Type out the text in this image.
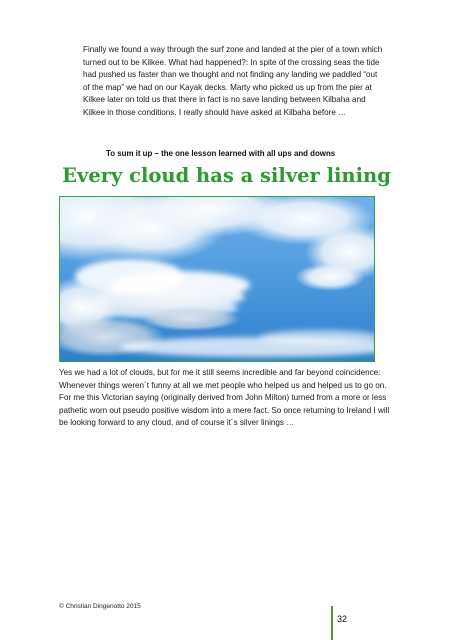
Finally we found a way through the surf zone and landed at the pier of a town which turned out to be Kilkee. What had happened?: In spite of the crossing seas the tide had pushed us faster than we thought and not finding any landing we paddled “out of the map” we had on our Kayak decks. Marty who picked us up from the pier at Kilkee later on told us that there in fact is no save landing between Kilbaha and Kilkee in those conditions. I really should have asked at Kilbaha before …

To sum it up – the one lesson learned with all ups and downs

Every cloud has a silver lining

Yes we had a lot of clouds, but for me it still seems incredible and far beyond coincidence: Whenever things weren´t funny at all we met people who helped us and helped us to go on. For me this Victorian saying (originally derived from John Milton) turned from a more or less pathetic worn out pseudo positive wisdom into a mere fact. So once returning to Ireland I will be looking forward to any cloud, and of course it´s silver linings …

© Christian Dingenotto 2015

32
